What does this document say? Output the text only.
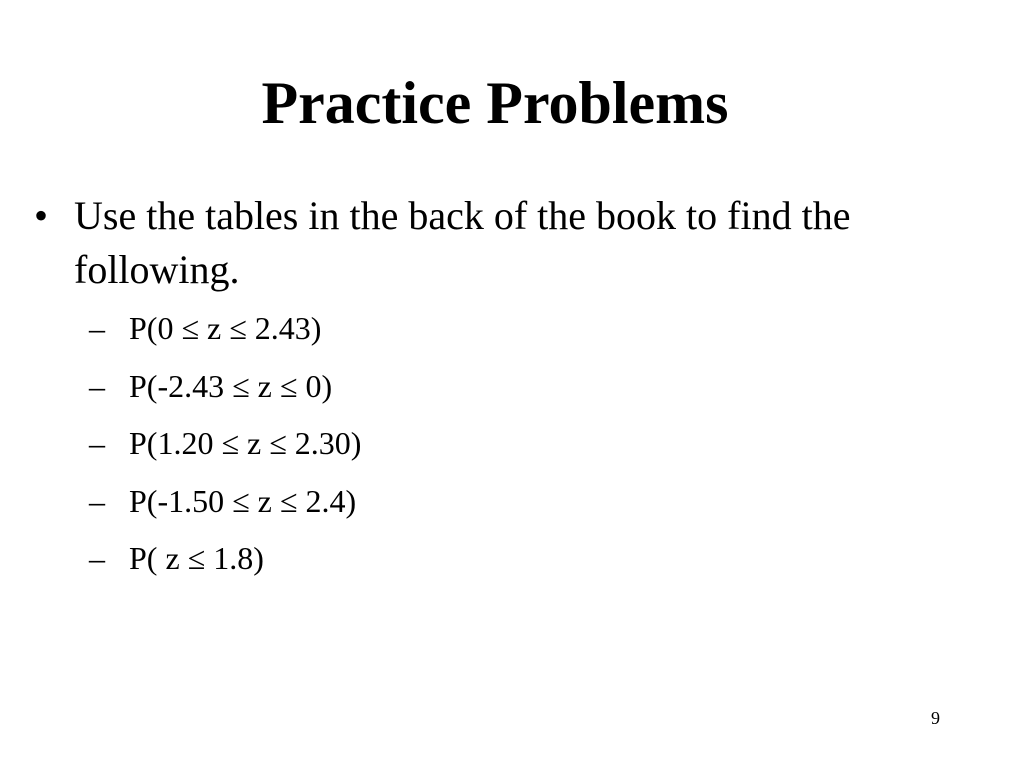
Practice Problems
• Use the tables in the back of the book to find the following.
– P(0 ≤ z ≤ 2.43)
– P(-2.43 ≤ z ≤ 0)
– P(1.20 ≤ z ≤ 2.30)
– P(-1.50 ≤ z ≤ 2.4)
– P( z ≤ 1.8)
9
